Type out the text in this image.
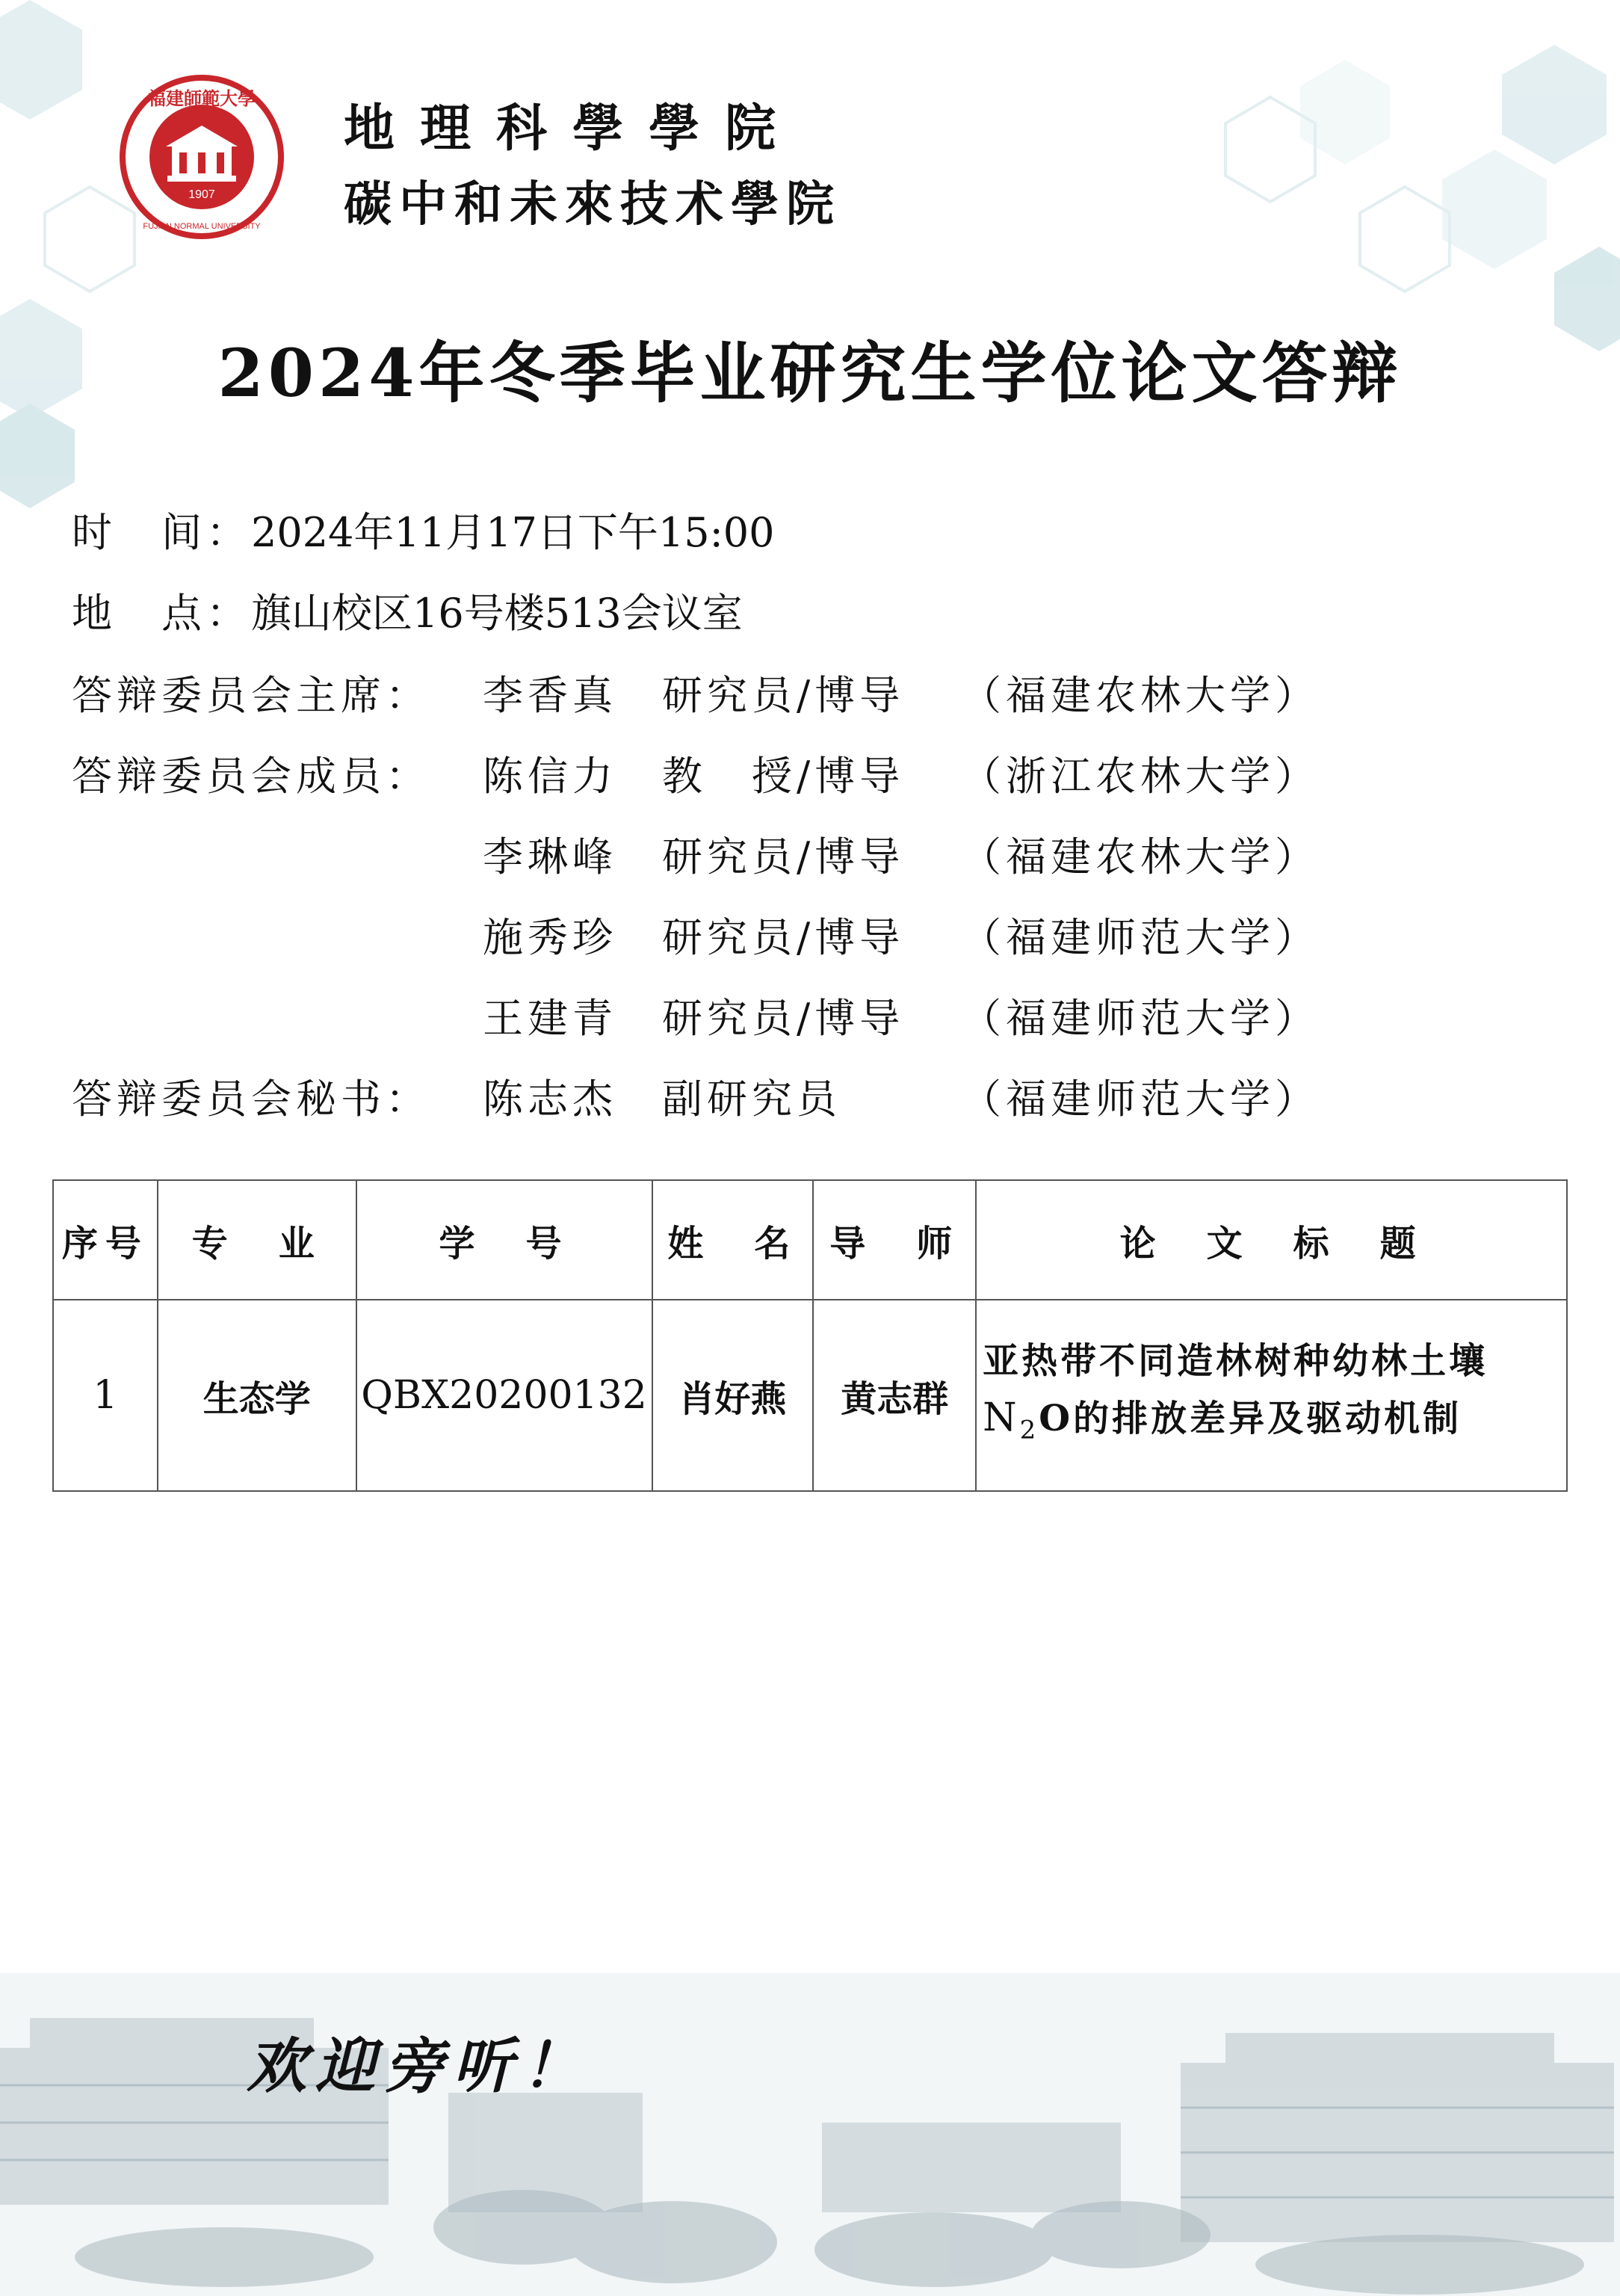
1907
福建師範大學
FUJIAN NORMAL UNIVERSITY
地理科學學院
碳中和未來技术學院
2024年冬季毕业研究生学位论文答辩
时　间：2024年11月17日下午15:00
地　点：旗山校区16号楼513会议室
答辩委员会主席： 李香真 研究员/博导 （福建农林大学）
答辩委员会成员： 陈信力 教　授/博导 （浙江农林大学）
李琳峰 研究员/博导 （福建农林大学）
施秀珍 研究员/博导 （福建师范大学）
王建青 研究员/博导 （福建师范大学）
答辩委员会秘书： 陈志杰 副研究员	（福建师范大学）
序号	专　业	学　号	姓　名	导　师	论　文　标　题
1	生态学	QBX20200132	肖好燕	黄志群	亚热带不同造林树种幼林土壤
$N_2O$的排放差异及驱动机制
欢迎旁听！
